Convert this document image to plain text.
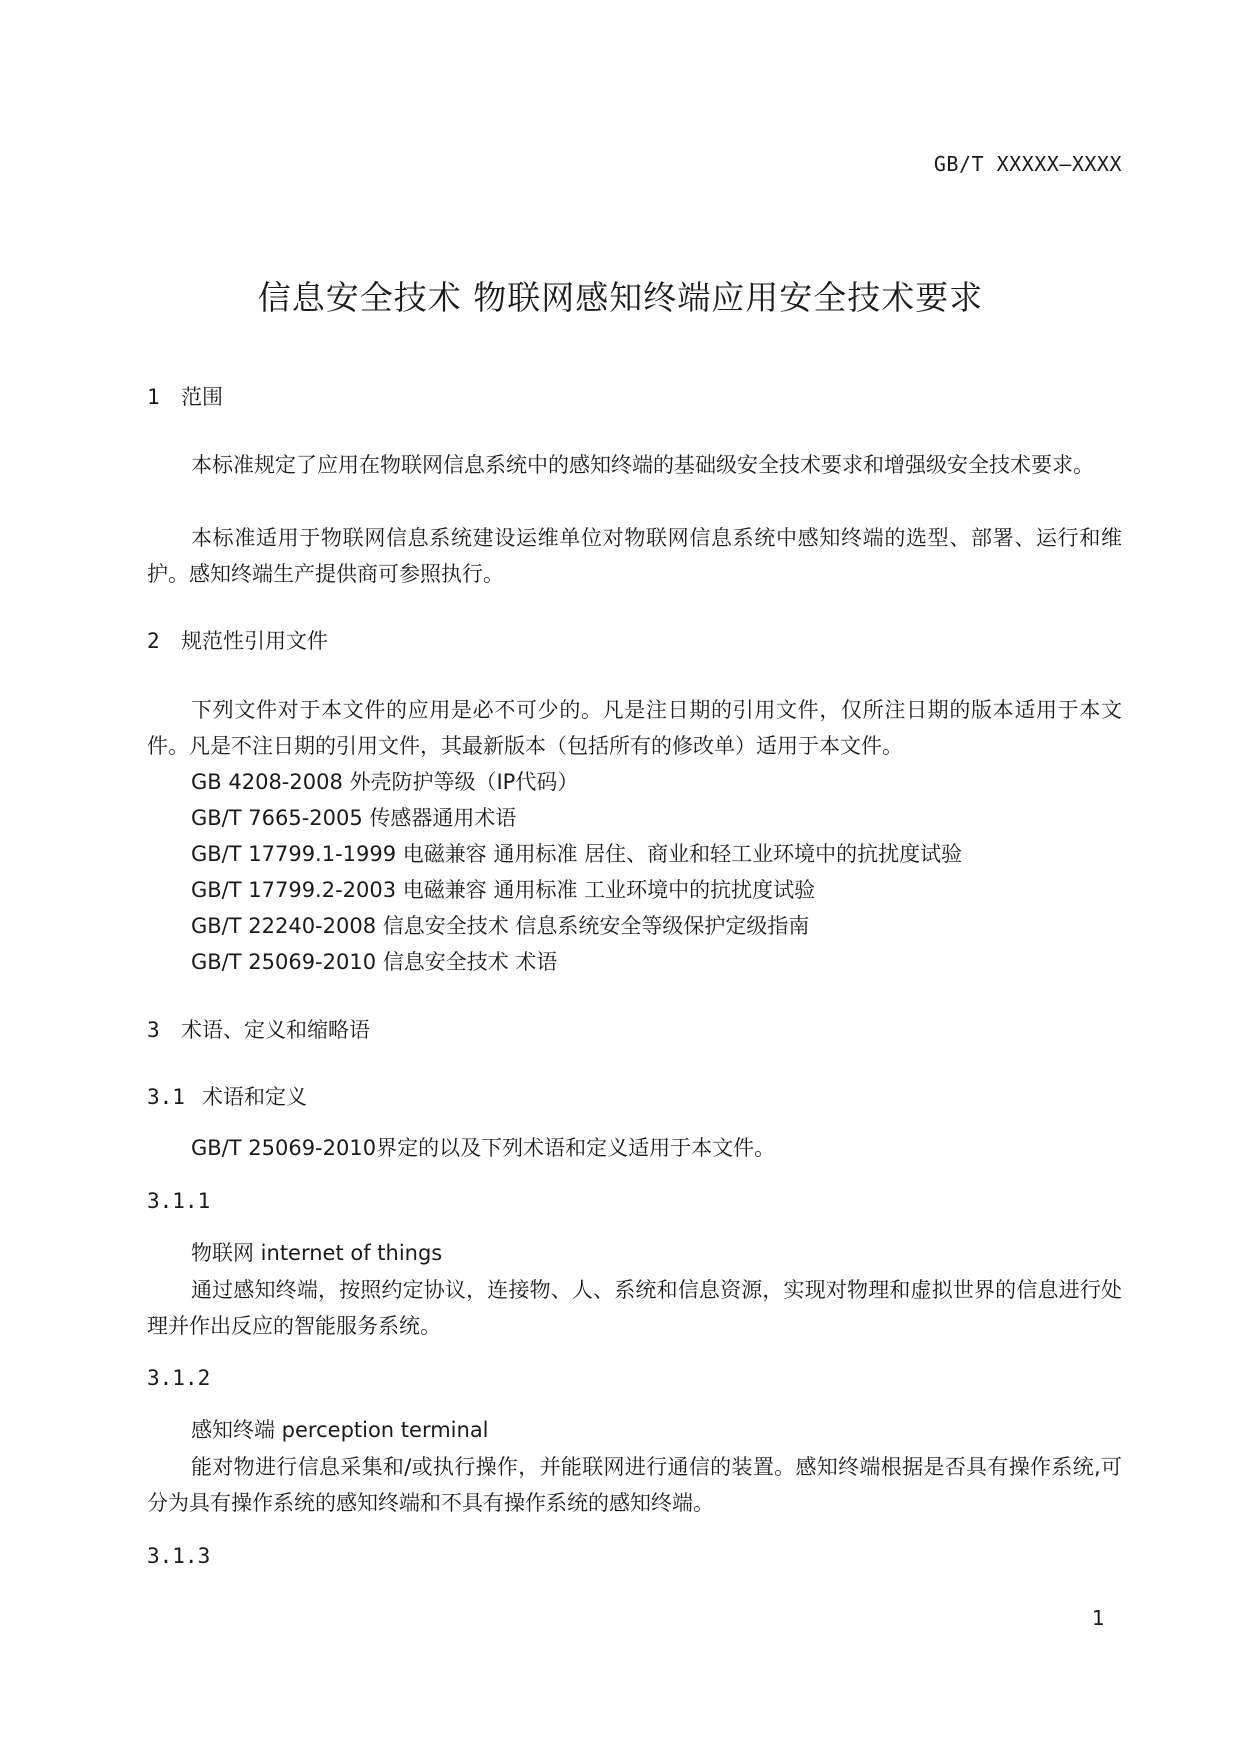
GB/T XXXXX—XXXX
信息安全技术 物联网感知终端应用安全技术要求
1 范围
本标准规定了应用在物联网信息系统中的感知终端的基础级安全技术要求和增强级安全技术要求。
本标准适用于物联网信息系统建设运维单位对物联网信息系统中感知终端的选型、部署、运行和维护。感知终端生产提供商可参照执行。
2 规范性引用文件
下列文件对于本文件的应用是必不可少的。凡是注日期的引用文件，仅所注日期的版本适用于本文件。凡是不注日期的引用文件，其最新版本（包括所有的修改单）适用于本文件。
GB 4208-2008 外壳防护等级（IP代码）
GB/T 7665-2005 传感器通用术语
GB/T 17799.1-1999 电磁兼容 通用标准 居住、商业和轻工业环境中的抗扰度试验
GB/T 17799.2-2003 电磁兼容 通用标准 工业环境中的抗扰度试验
GB/T 22240-2008 信息安全技术 信息系统安全等级保护定级指南
GB/T 25069-2010 信息安全技术 术语
3 术语、定义和缩略语
3.1 术语和定义
GB/T 25069-2010界定的以及下列术语和定义适用于本文件。
3.1.1
物联网 internet of things
通过感知终端，按照约定协议，连接物、人、系统和信息资源，实现对物理和虚拟世界的信息进行处理并作出反应的智能服务系统。
3.1.2
感知终端 perception terminal
能对物进行信息采集和/或执行操作，并能联网进行通信的装置。感知终端根据是否具有操作系统,可分为具有操作系统的感知终端和不具有操作系统的感知终端。
3.1.3
1
